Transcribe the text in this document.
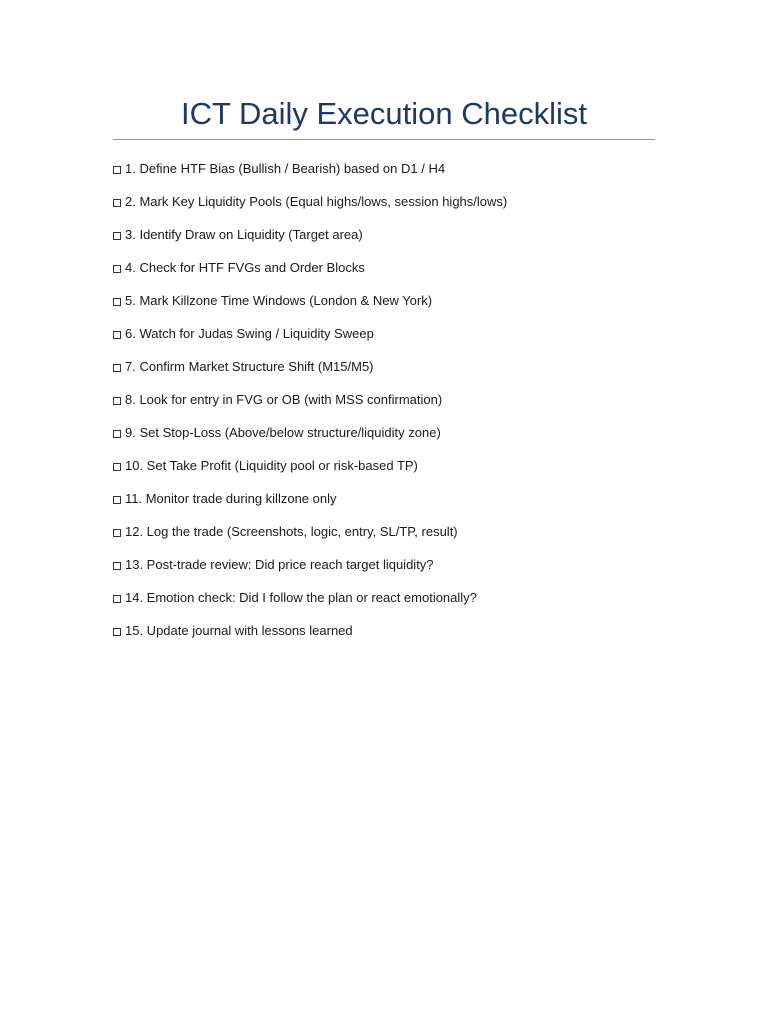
ICT Daily Execution Checklist
1. Define HTF Bias (Bullish / Bearish) based on D1 / H4
2. Mark Key Liquidity Pools (Equal highs/lows, session highs/lows)
3. Identify Draw on Liquidity (Target area)
4. Check for HTF FVGs and Order Blocks
5. Mark Killzone Time Windows (London & New York)
6. Watch for Judas Swing / Liquidity Sweep
7. Confirm Market Structure Shift (M15/M5)
8. Look for entry in FVG or OB (with MSS confirmation)
9. Set Stop-Loss (Above/below structure/liquidity zone)
10. Set Take Profit (Liquidity pool or risk-based TP)
11. Monitor trade during killzone only
12. Log the trade (Screenshots, logic, entry, SL/TP, result)
13. Post-trade review: Did price reach target liquidity?
14. Emotion check: Did I follow the plan or react emotionally?
15. Update journal with lessons learned
